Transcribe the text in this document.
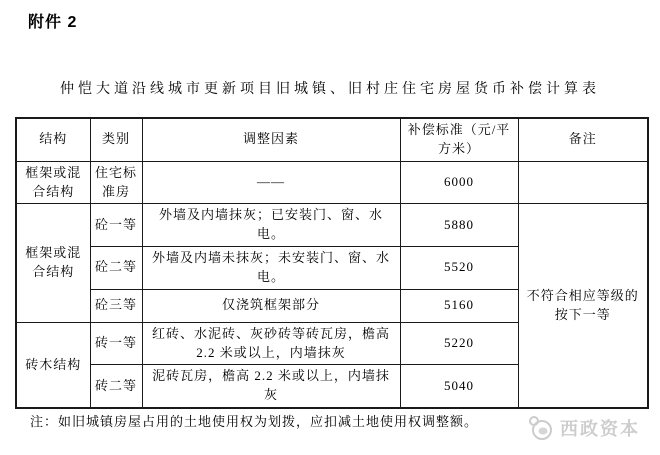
附件 2
仲恺大道沿线城市更新项目旧城镇、旧村庄住宅房屋货币补偿计算表
结构	类别	调整因素	补偿标准（元/平方米）	备注
框架或混合结构	住宅标准房	——	6000	
框架或混合结构	砼一等	外墙及内墙抹灰；已安装门、窗、水电。	5880	不符合相应等级的按下一等
	砼二等	外墙及内墙未抹灰；未安装门、窗、水电。	5520	
	砼三等	仅浇筑框架部分	5160	
砖木结构	砖一等	红砖、水泥砖、灰砂砖等砖瓦房，檐高 2.2 米或以上，内墙抹灰	5220	
	砖二等	泥砖瓦房，檐高 2.2 米或以上，内墙抹灰	5040	
注：如旧城镇房屋占用的土地使用权为划拨，应扣减土地使用权调整额。	西政资本
